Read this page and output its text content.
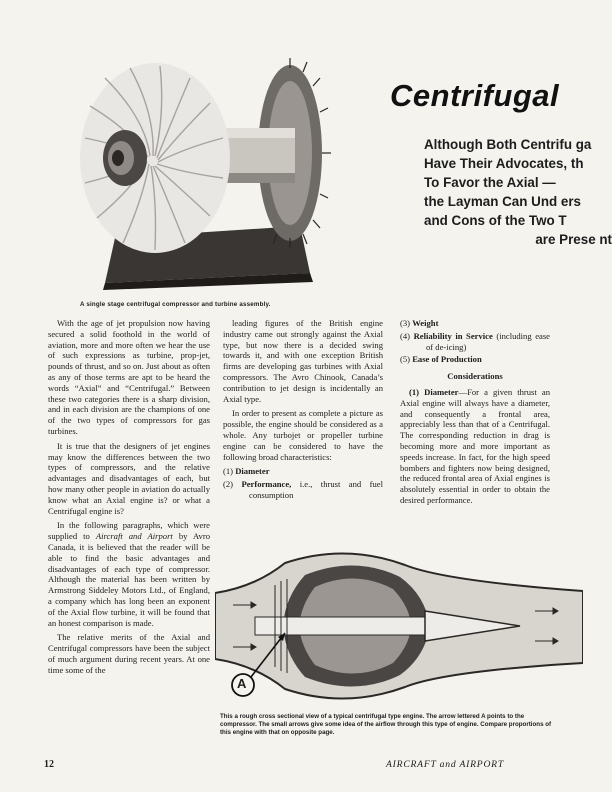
A single stage centrifugal compressor and turbine assembly.
Centrifugal
Although Both Centrifu ga
Have Their Advocates, th
To Favor the Axial —
the Layman Can Und ers
and Cons of the Two T
are Prese nt

With the age of jet propulsion now having secured a solid foothold in the world of aviation, more and more often we hear the use of such expressions as turbine, prop-jet, pounds of thrust, and so on. Just about as often as any of those terms are apt to be heard the words “Axial” and “Centrifugal.” Between these two categories there is a sharp division, and in each division are the champions of one of the two types of compressors for gas turbines.

It is true that the designers of jet engines may know the differences between the two types of compressors, and the relative advantages and disadvantages of each, but how many other people in aviation do actually know what an Axial engine is? or what a Centrifugal engine is?

In the following paragraphs, which were supplied to Aircraft and Airport by Avro Canada, it is believed that the reader will be able to find the basic advantages and disadvantages of each type of compressor. Although the material has been written by Armstrong Siddeley Motors Ltd., of England, a company which has long been an exponent of the Axial flow turbine, it will be found that an honest comparison is made.

The relative merits of the Axial and Centrifugal compressors have been the subject of much argument during recent years. At one time some of the

leading figures of the British engine industry came out strongly against the Axial type, but now there is a decided swing towards it, and with one exception British firms are developing gas turbines with Axial compressors. The Avro Chinook, Canada’s contribution to jet design is incidentally an Axial type.

In order to present as complete a picture as possible, the engine should be considered as a whole. Any turbojet or propeller turbine engine can be considered to have the following broad characteristics:

(1) Diameter
(2) Performance, i.e., thrust and fuel consumption
(3) Weight
(4) Reliability in Service (including ease of de-icing)
(5) Ease of Production
Considerations

(1) Diameter—For a given thrust an Axial engine will always have a diameter, and consequently a frontal area, appreciably less than that of a Centrifugal. The corresponding reduction in drag is becoming more and more important as speeds increase. In fact, for the high speed bombers and fighters now being designed, the reduced frontal area of Axial engines is absolutely essential in order to obtain the desired performance.

A
This a rough cross sectional view of a typical centrifugal type engine. The arrow lettered A points to the compressor. The small arrows give some idea of the airflow through this type of engine. Compare proportions of this engine with that on opposite page.
12	AIRCRAFT and AIRPORT
